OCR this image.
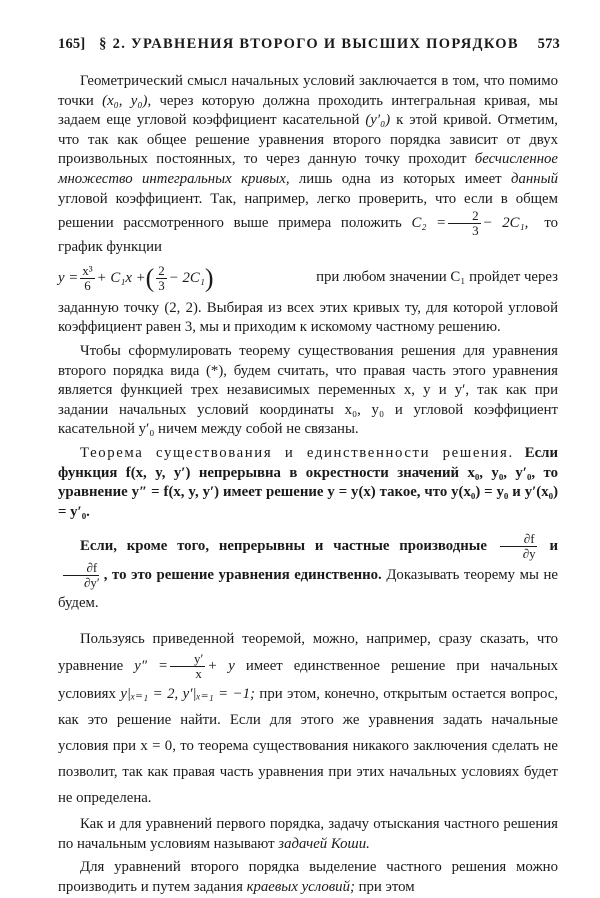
165] § 2. УРАВНЕНИЯ ВТОРОГО И ВЫСШИХ ПОРЯДКОВ	573

Геометрический смысл начальных условий заключается в том, что помимо точки (x₀, y₀), через которую должна проходить интегральная кривая, мы задаем еще угловой коэффициент касательной (y′₀) к этой кривой. Отметим, что так как общее решение уравнения второго порядка зависит от двух произвольных постоянных, то через данную точку проходит бесчисленное множество интегральных кривых, лишь одна из которых имеет данный угловой коэффициент. Так, например, легко проверить, что если в общем решении рассмотренного выше примера положить $C_2 = \frac{2}{3} - 2C_1$, то график функции

$y = \frac{\text{x³}}{6} + C_1x$ +( $\frac{2}{3} - 2C_1$)	при любом значении C₁ пройдет через

заданную точку (2, 2). Выбирая из всех этих кривых ту, для которой угловой коэффициент равен 3, мы и приходим к искомому частному решению.

Чтобы сформулировать теорему существования решения для уравнения второго порядка вида (*), будем считать, что правая часть этого уравнения является функцией трех независимых переменных x, y и y′, так как при задании начальных условий координаты x₀, y₀ и угловой коэффициент касательной y′₀ ничем между собой не связаны.

Теорема существования и единственности решения. Если функция f(x, y, y′) непрерывна в окрестности значений x₀, y₀, y′₀, то уравнение y″ = f(x, y, y′) имеет решение y = y(x) такое, что y(x₀) = y₀ и y′(x₀) = y′₀.

Если, кроме того, непрерывны и частные производные $\frac{\partial f}{\partial y}$ и
$\frac{\partial f}{\partial y'}$ , то это решение уравнения единственно. Доказывать теорему мы не будем.

Пользуясь приведенной теоремой, можно, например, сразу сказать, что уравнение $y'' = \frac{y'}{x} + y$ имеет единственное решение при начальных условиях y|ₓ₌₁ = 2, y′|ₓ₌₁ = −1; при этом, конечно, открытым остается вопрос, как это решение найти. Если для этого же уравнения задать начальные условия при x = 0, то теорема существования никакого заключения сделать не позволит, так как правая часть уравнения при этих начальных условиях будет не определена.

Как и для уравнений первого порядка, задачу отыскания частного решения по начальным условиям называют задачей Коши.

Для уравнений второго порядка выделение частного решения можно производить и путем задания краевых условий; при этом
